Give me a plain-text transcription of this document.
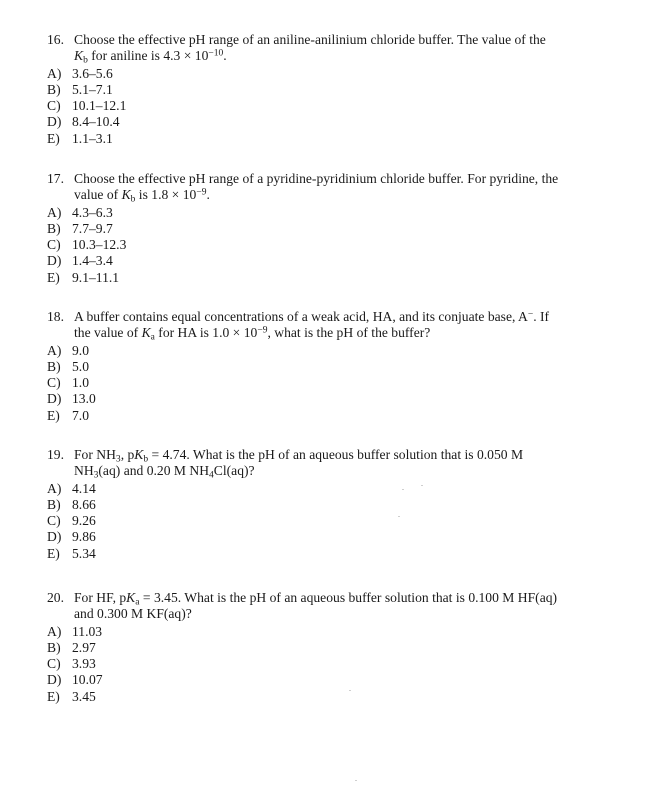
16. Choose the effective pH range of an aniline-anilinium chloride buffer. The value of the
$K_b$ for aniline is $4.3 \times 10^{-10}$.
A) 3.6–5.6
B) 5.1–7.1
C) 10.1–12.1
D) 8.4–10.4
E) 1.1–3.1
17. Choose the effective pH range of a pyridine-pyridinium chloride buffer. For pyridine, the
value of $K_b$ is $1.8 \times 10^{-9}$.
A) 4.3–6.3
B) 7.7–9.7
C) 10.3–12.3
D) 1.4–3.4
E) 9.1–11.1
18. A buffer contains equal concentrations of a weak acid, HA, and its conjuate base, A−. If
the value of $K_a$ for HA is $1.0 \times 10^{-9}$, what is the pH of the buffer?
A) 9.0
B) 5.0
C) 1.0
D) 13.0
E) 7.0
19. For $NH_3$, $pK_b = 4.74$. What is the pH of an aqueous buffer solution that is 0.050 M
$NH_3(aq)$ and 0.20 M $NH_4Cl(aq)$?
A) 4.14
B) 8.66
C) 9.26
D) 9.86
E) 5.34
20. For HF, $pK_a = 3.45$. What is the pH of an aqueous buffer solution that is 0.100 M HF(aq)
and 0.300 M KF(aq)?
A) 11.03
B) 2.97
C) 3.93
D) 10.07
E) 3.45
